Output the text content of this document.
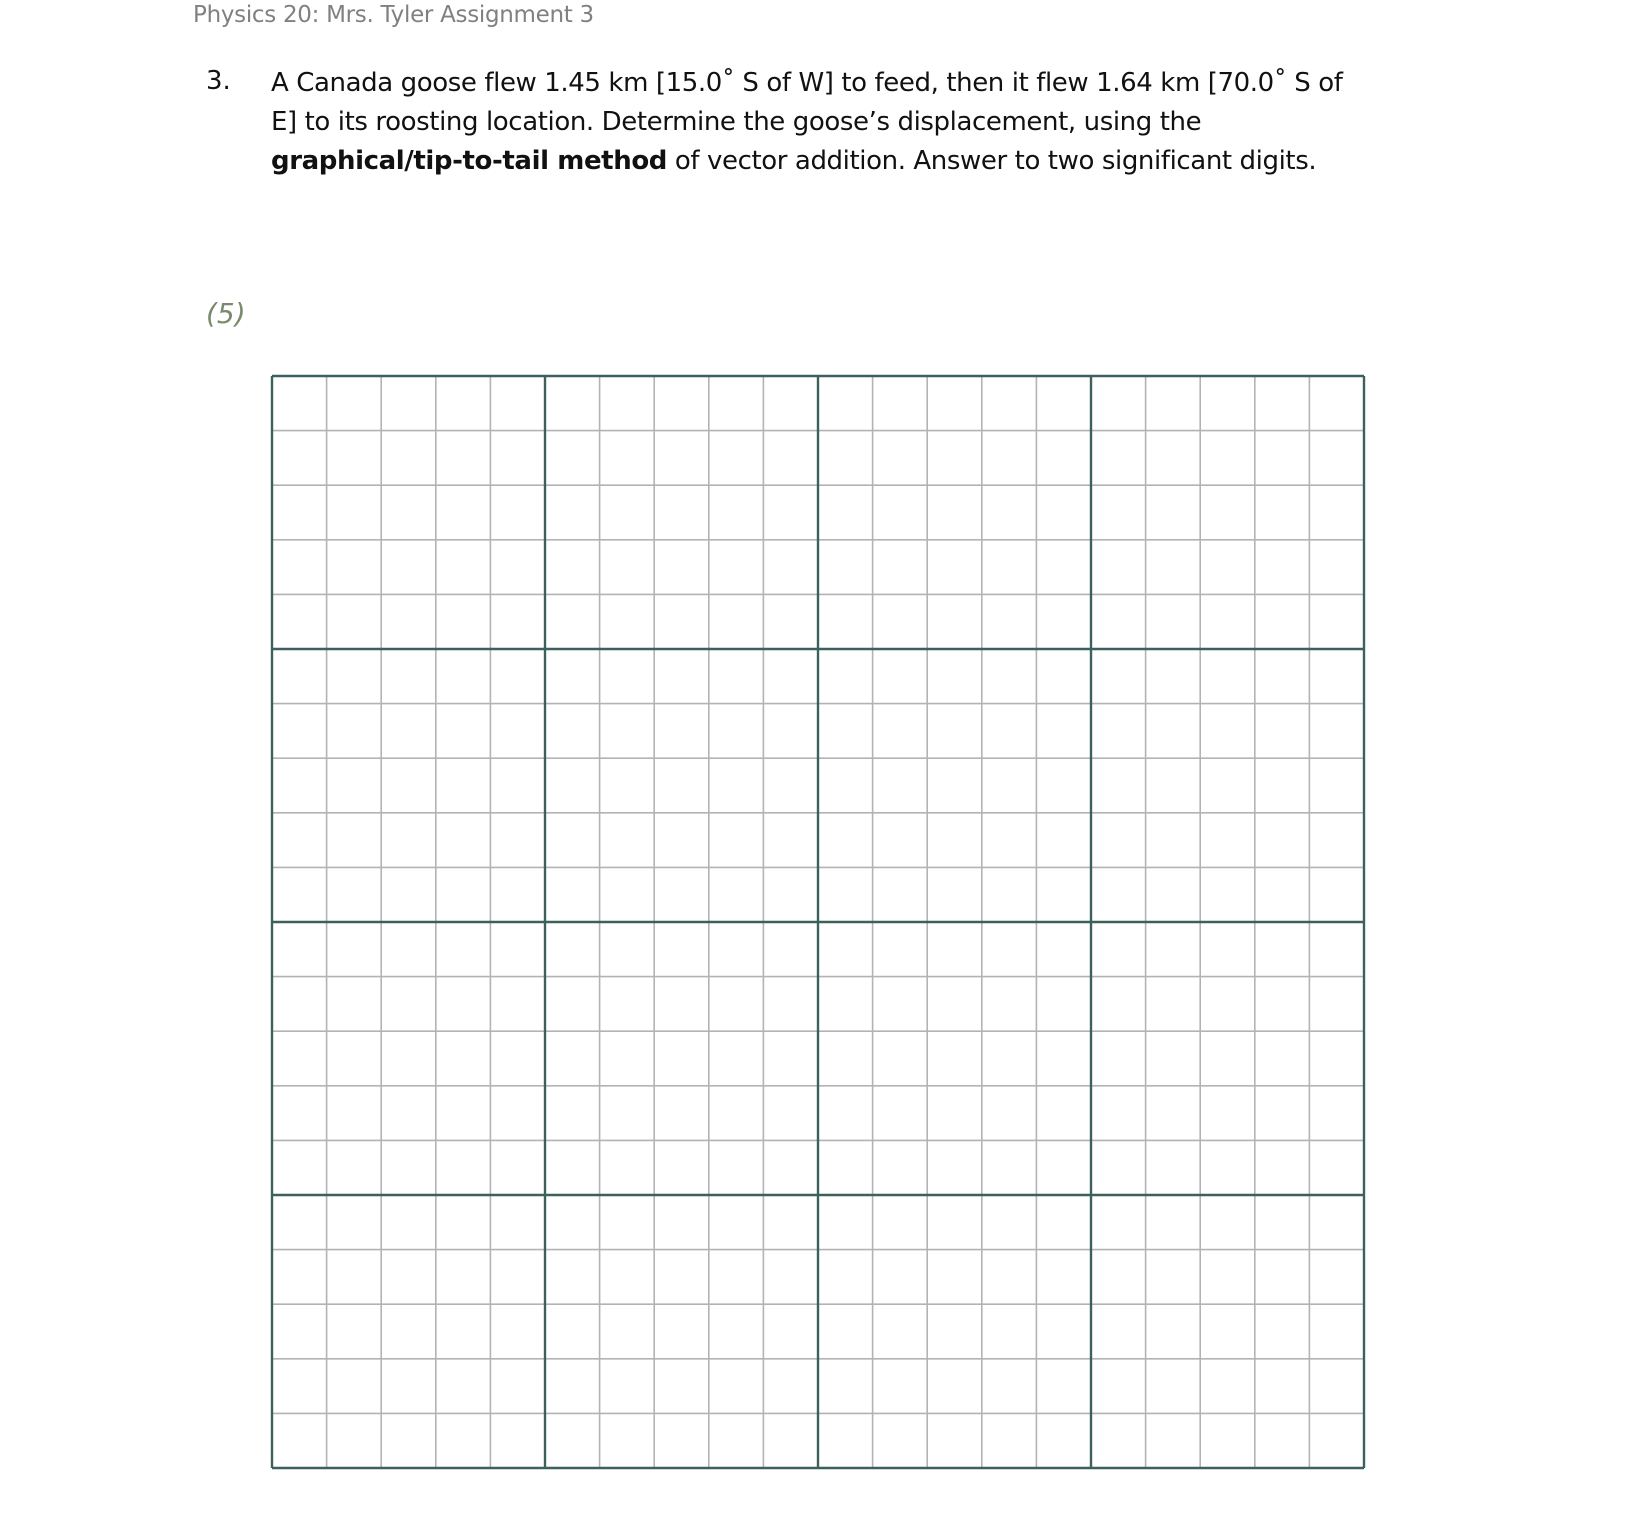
Physics 20: Mrs. Tyler Assignment 3
3. A Canada goose flew 1.45 km [15.0˚ S of W] to feed, then it flew 1.64 km [70.0˚ S of E] to its roosting location. Determine the goose’s displacement, using the graphical/tip-to-tail method of vector addition. Answer to two significant digits.
(5)
